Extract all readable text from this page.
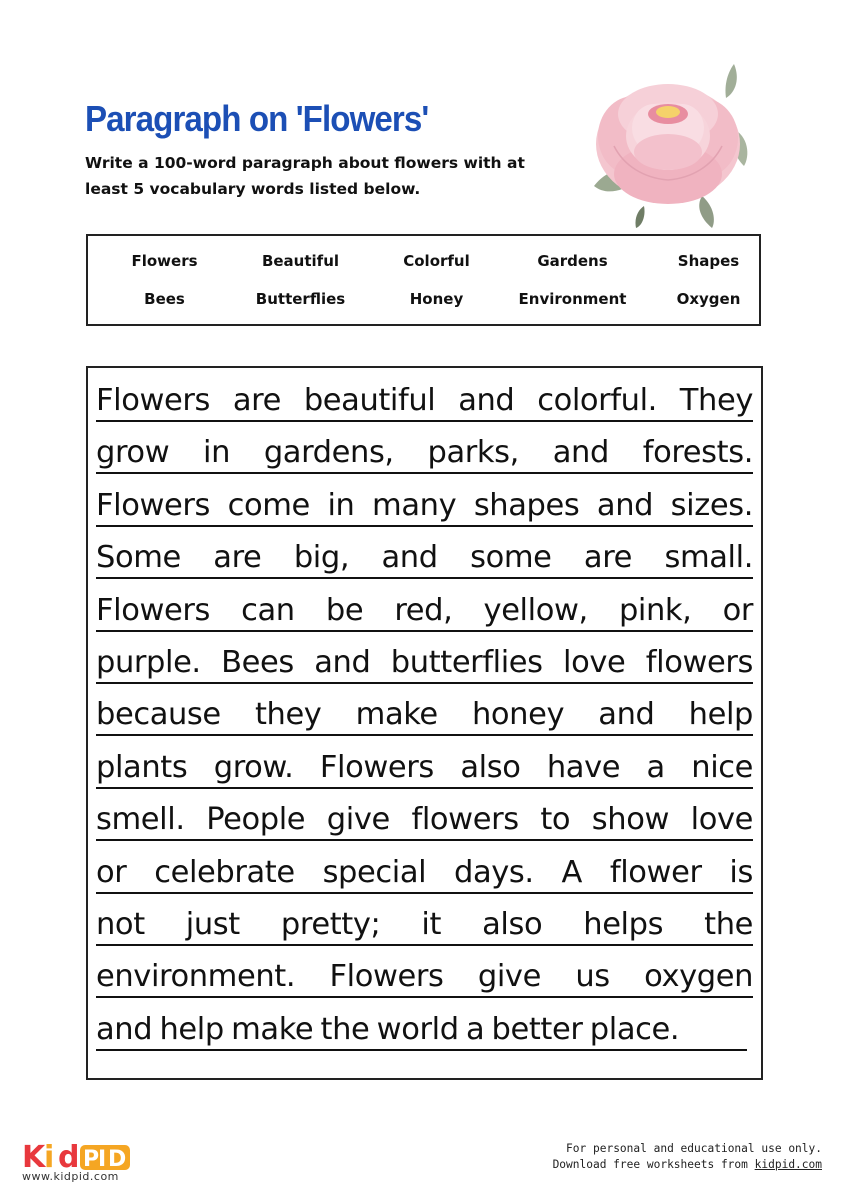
Paragraph on 'Flowers'

Write a 100-word paragraph about flowers with at
least 5 vocabulary words listed below.

Flowers	Beautiful	Colorful	Gardens	Shapes
Bees	Butterflies	Honey	Environment	Oxygen
Flowers are beautiful and colorful. They
grow in gardens, parks, and forests.
Flowers come in many shapes and sizes.
Some are big, and some are small.
Flowers can be red, yellow, pink, or
purple. Bees and butterflies love flowers
because they make honey and help
plants grow. Flowers also have a nice
smell. People give flowers to show love
or celebrate special days. A flower is
not just pretty; it also helps the
environment. Flowers give us oxygen
and help make the world a better place.
K
i d P
I D
www.kidpid.com

For personal and educational use only.

Download free worksheets from kidpid.com
